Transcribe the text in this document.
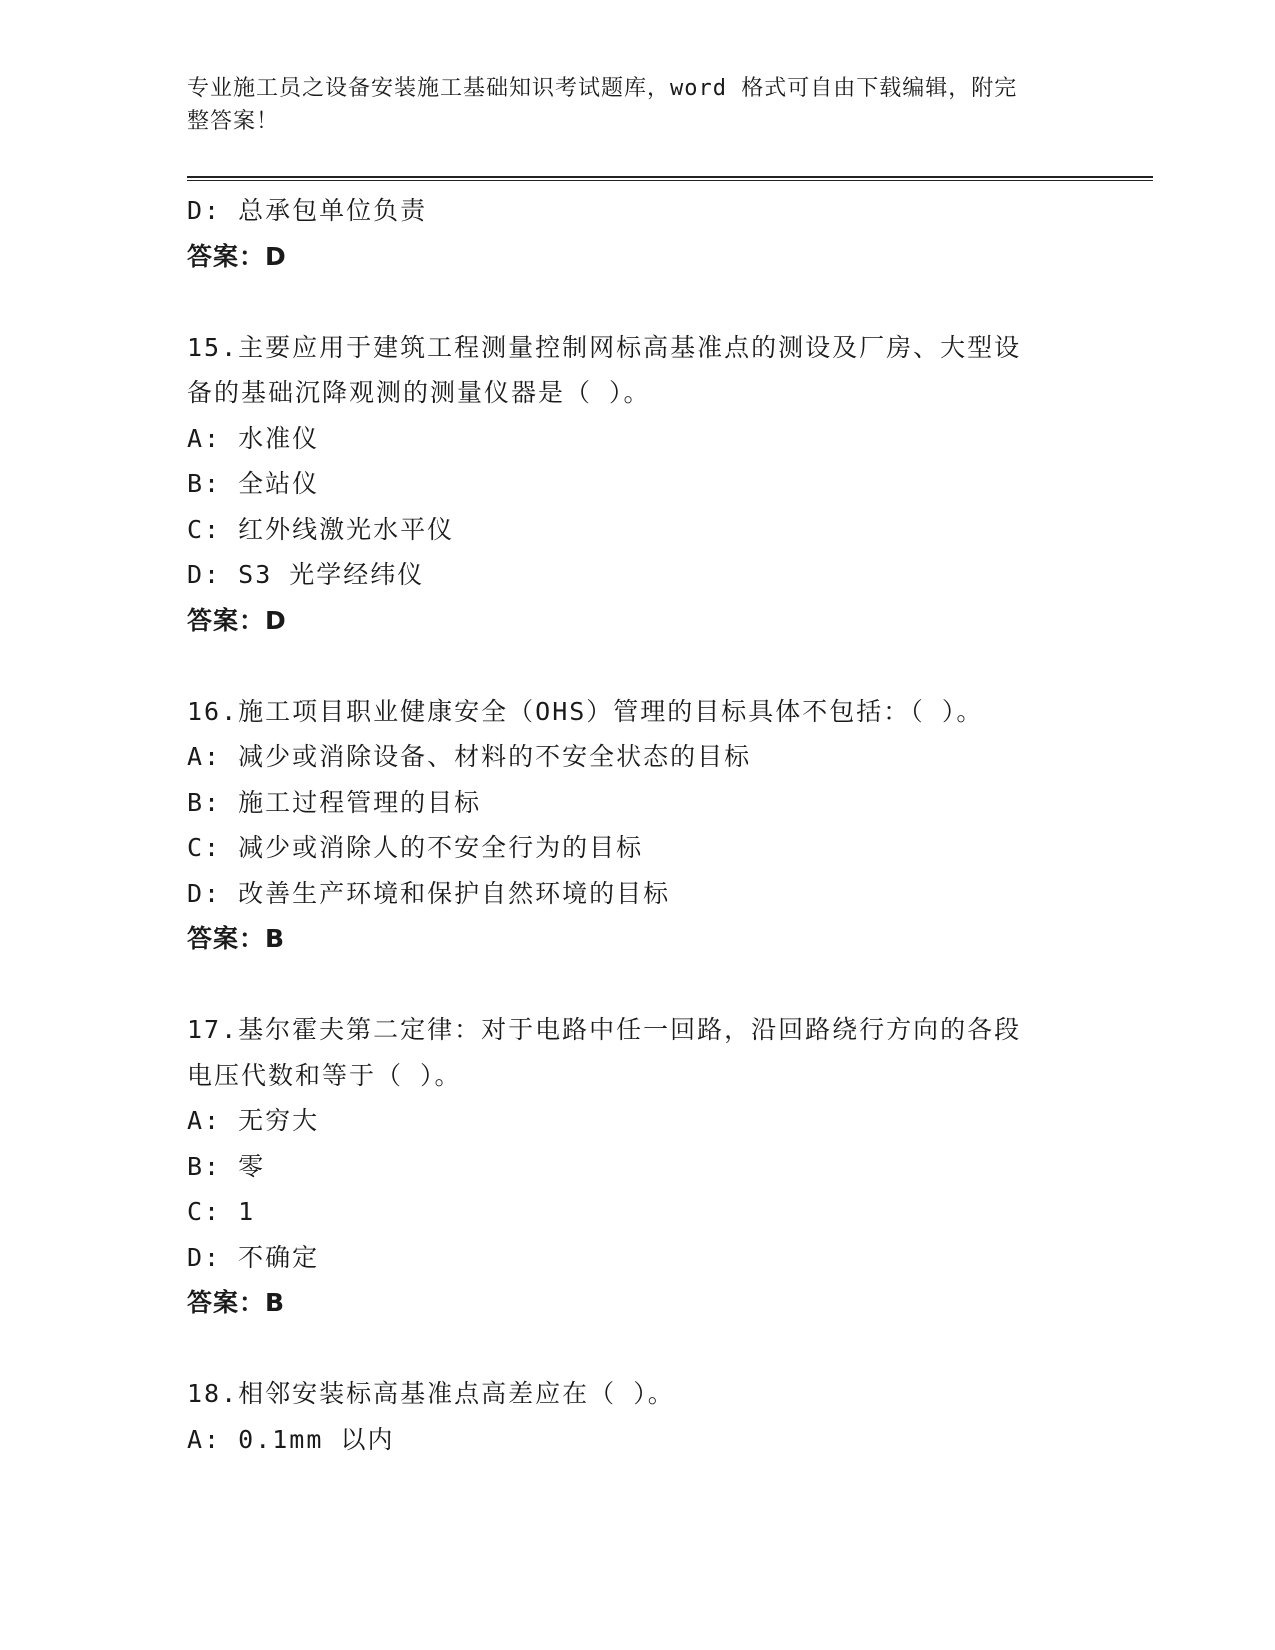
专业施工员之设备安装施工基础知识考试题库，word 格式可自由下载编辑，附完
整答案！
D: 总承包单位负责
答案：D
15.主要应用于建筑工程测量控制网标高基准点的测设及厂房、大型设
备的基础沉降观测的测量仪器是（ ）。
A: 水准仪
B: 全站仪
C: 红外线激光水平仪
D: S3 光学经纬仪
答案：D
16.施工项目职业健康安全（OHS）管理的目标具体不包括：（ ）。
A: 减少或消除设备、材料的不安全状态的目标
B: 施工过程管理的目标
C: 减少或消除人的不安全行为的目标
D: 改善生产环境和保护自然环境的目标
答案：B
17.基尔霍夫第二定律：对于电路中任一回路，沿回路绕行方向的各段
电压代数和等于（ ）。
A: 无穷大
B: 零
C: 1
D: 不确定
答案：B
18.相邻安装标高基准点高差应在（ ）。
A: 0.1mm 以内
